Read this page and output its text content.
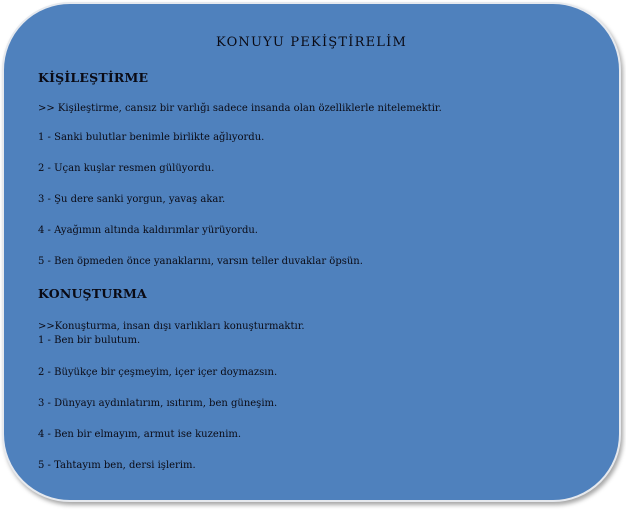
KONUYU PEKİŞTİRELİM
KİŞİLEŞTİRME
>> Kişileştirme, cansız bir varlığı sadece insanda olan özelliklerle nitelemektir.
1 - Sanki bulutlar benimle birlikte ağlıyordu.
2 - Uçan kuşlar resmen gülüyordu.
3 - Şu dere sanki yorgun, yavaş akar.
4 - Ayağımın altında kaldırımlar yürüyordu.
5 - Ben öpmeden önce yanaklarını, varsın teller duvaklar öpsün.
KONUŞTURMA
>>Konuşturma, insan dışı varlıkları konuşturmaktır.
1 - Ben bir bulutum.
2 - Büyükçe bir çeşmeyim, içer içer doymazsın.
3 - Dünyayı aydınlatırım, ısıtırım, ben güneşim.
4 - Ben bir elmayım, armut ise kuzenim.
5 - Tahtayım ben, dersi işlerim.
